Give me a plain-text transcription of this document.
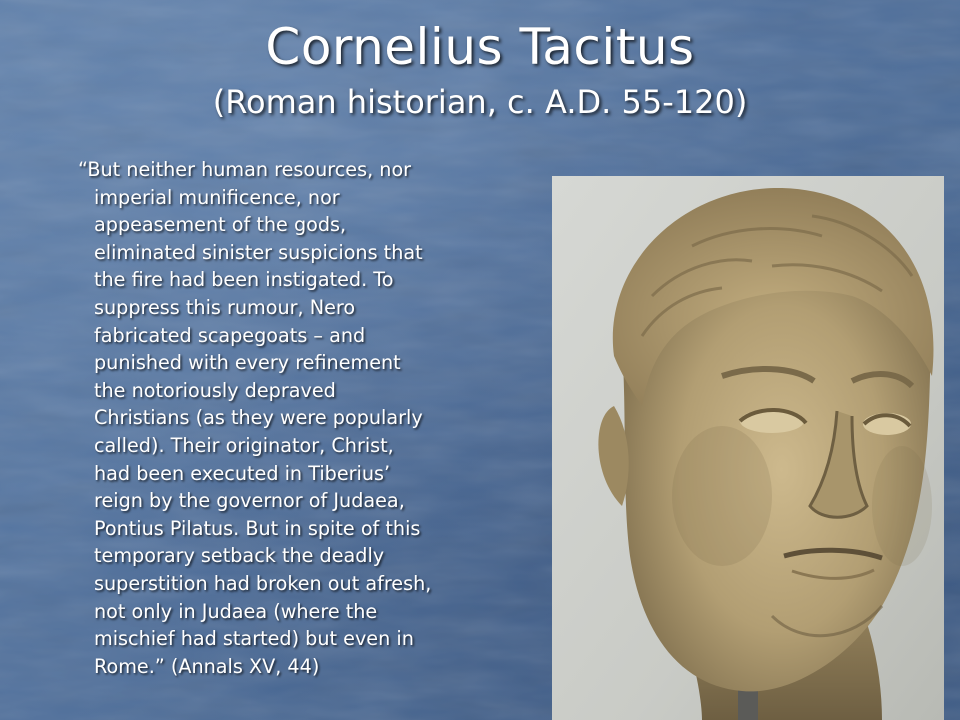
Cornelius Tacitus
(Roman historian, c. A.D. 55-120)

“But neither human resources, nor
imperial munificence, nor
appeasement of the gods,
eliminated sinister suspicions that
the fire had been instigated. To
suppress this rumour, Nero
fabricated scapegoats – and
punished with every refinement
the notoriously depraved
Christians (as they were popularly
called). Their originator, Christ,
had been executed in Tiberius’
reign by the governor of Judaea,
Pontius Pilatus. But in spite of this
temporary setback the deadly
superstition had broken out afresh,
not only in Judaea (where the
mischief had started) but even in
Rome.” (Annals XV, 44)
